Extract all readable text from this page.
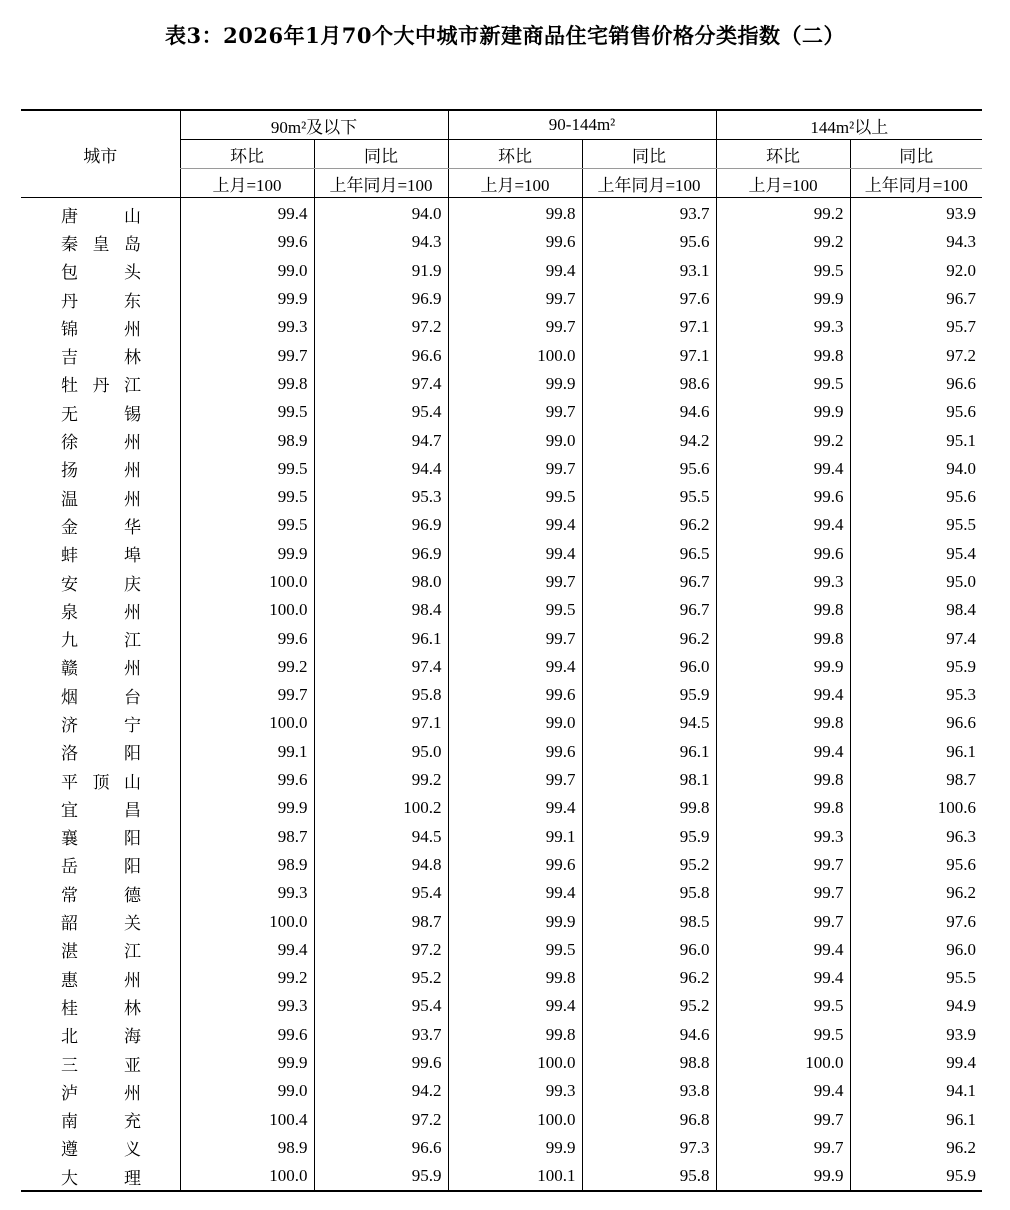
表3：2026年1月70个大中城市新建商品住宅销售价格分类指数（二）
城市	90m²及以下		90-144m²		144m²以上	
	环比	同比	环比	同比	环比	同比
	上月=100	上年同月=100	上月=100	上年同月=100	上月=100	上年同月=100

唐山	99.4	94.0	99.8	93.7	99.2	93.9

秦皇岛	99.6	94.3	99.6	95.6	99.2	94.3

包头	99.0	91.9	99.4	93.1	99.5	92.0

丹东	99.9	96.9	99.7	97.6	99.9	96.7

锦州	99.3	97.2	99.7	97.1	99.3	95.7

吉林	99.7	96.6	100.0	97.1	99.8	97.2

牡丹江	99.8	97.4	99.9	98.6	99.5	96.6

无锡	99.5	95.4	99.7	94.6	99.9	95.6

徐州	98.9	94.7	99.0	94.2	99.2	95.1

扬州	99.5	94.4	99.7	95.6	99.4	94.0

温州	99.5	95.3	99.5	95.5	99.6	95.6

金华	99.5	96.9	99.4	96.2	99.4	95.5

蚌埠	99.9	96.9	99.4	96.5	99.6	95.4

安庆	100.0	98.0	99.7	96.7	99.3	95.0

泉州	100.0	98.4	99.5	96.7	99.8	98.4

九江	99.6	96.1	99.7	96.2	99.8	97.4

赣州	99.2	97.4	99.4	96.0	99.9	95.9

烟台	99.7	95.8	99.6	95.9	99.4	95.3

济宁	100.0	97.1	99.0	94.5	99.8	96.6

洛阳	99.1	95.0	99.6	96.1	99.4	96.1

平顶山	99.6	99.2	99.7	98.1	99.8	98.7

宜昌	99.9	100.2	99.4	99.8	99.8	100.6

襄阳	98.7	94.5	99.1	95.9	99.3	96.3

岳阳	98.9	94.8	99.6	95.2	99.7	95.6

常德	99.3	95.4	99.4	95.8	99.7	96.2

韶关	100.0	98.7	99.9	98.5	99.7	97.6

湛江	99.4	97.2	99.5	96.0	99.4	96.0

惠州	99.2	95.2	99.8	96.2	99.4	95.5

桂林	99.3	95.4	99.4	95.2	99.5	94.9

北海	99.6	93.7	99.8	94.6	99.5	93.9

三亚	99.9	99.6	100.0	98.8	100.0	99.4

泸州	99.0	94.2	99.3	93.8	99.4	94.1

南充	100.4	97.2	100.0	96.8	99.7	96.1

遵义	98.9	96.6	99.9	97.3	99.7	96.2

大理	100.0	95.9	100.1	95.8	99.9	95.9
